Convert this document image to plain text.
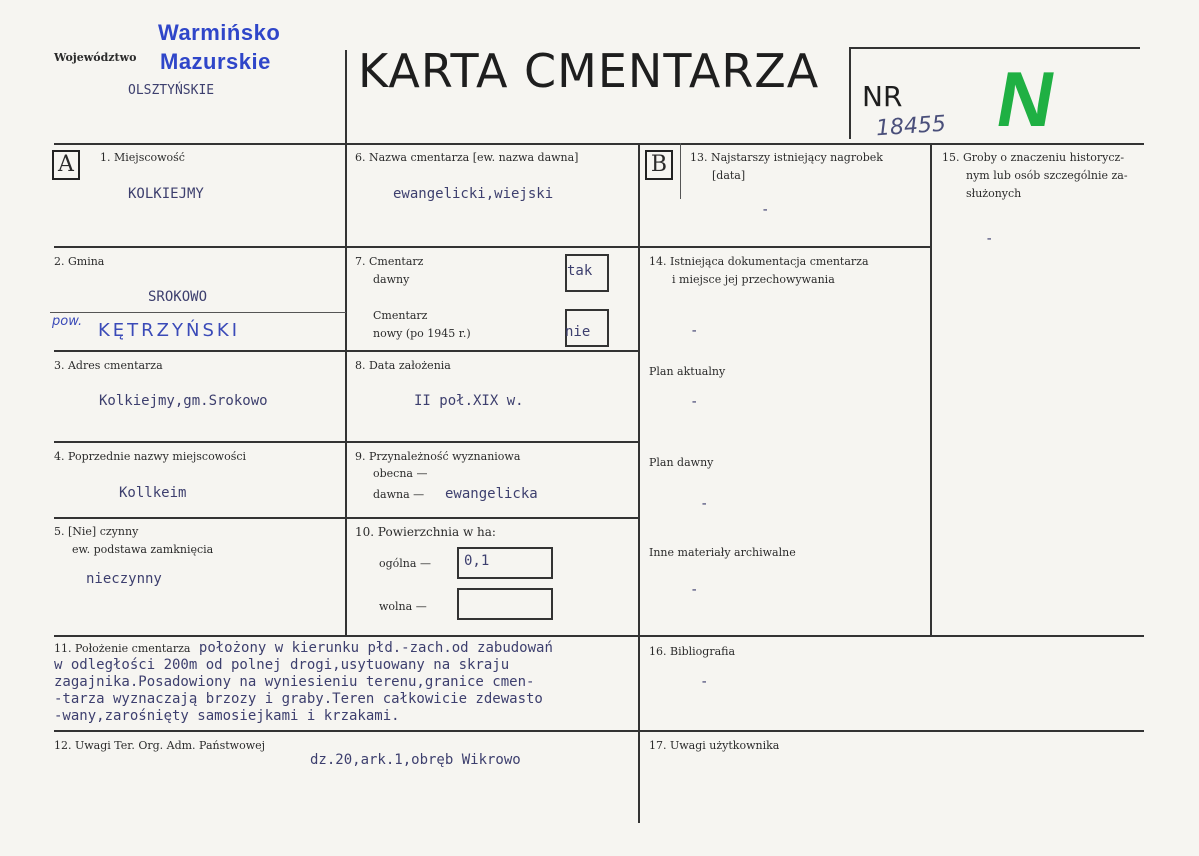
Województwo
Warmińsko
Mazurskie
OLSZTYŃSKIE	KARTA CMENTARZA NR N
18455
A	1. Miejscowość
KOLKIEJMY
2. Gmina
SROKOWO
pow. KĘTRZYŃSKI
3. Adres cmentarza
Kolkiejmy,gm.Srokowo
4. Poprzednie nazwy miejscowości
Kollkeim
5. [Nie] czynny
ew. podstawa zamknięcia
nieczynny
6. Nazwa cmentarza [ew. nazwa dawna]
ewangelicki,wiejski
7. Cmentarz
dawny
tak
Cmentarz
nowy (po 1945 r.)	nie
8. Data założenia
II poł.XIX w.
9. Przynależność wyznaniowa
obecna —
dawna — ewangelicka
10. Powierzchnia w ha:
ogólna — 0,1
wolna —
B	13. Najstarszy istniejący nagrobek
[data]
-
14. Istniejąca dokumentacja cmentarza
i miejsce jej przechowywania
-
Plan aktualny
-
Plan dawny
-
Inne materiały archiwalne
-
15. Groby o znaczeniu historycz-
nym lub osób szczególnie za-
służonych
-
11. Położenie cmentarza położony w kierunku płd.-zach.od zabudowań
w odległości 200m od polnej drogi,usytuowany na skraju
zagajnika.Posadowiony na wyniesieniu terenu,granice cmen-
-tarza wyznaczają brzozy i graby.Teren całkowicie zdewasto
-wany,zarośnięty samosiejkami i krzakami.
16. Bibliografia
-
12. Uwagi Ter. Org. Adm. Państwowej
dz.20,ark.1,obręb Wikrowo
17. Uwagi użytkownika
